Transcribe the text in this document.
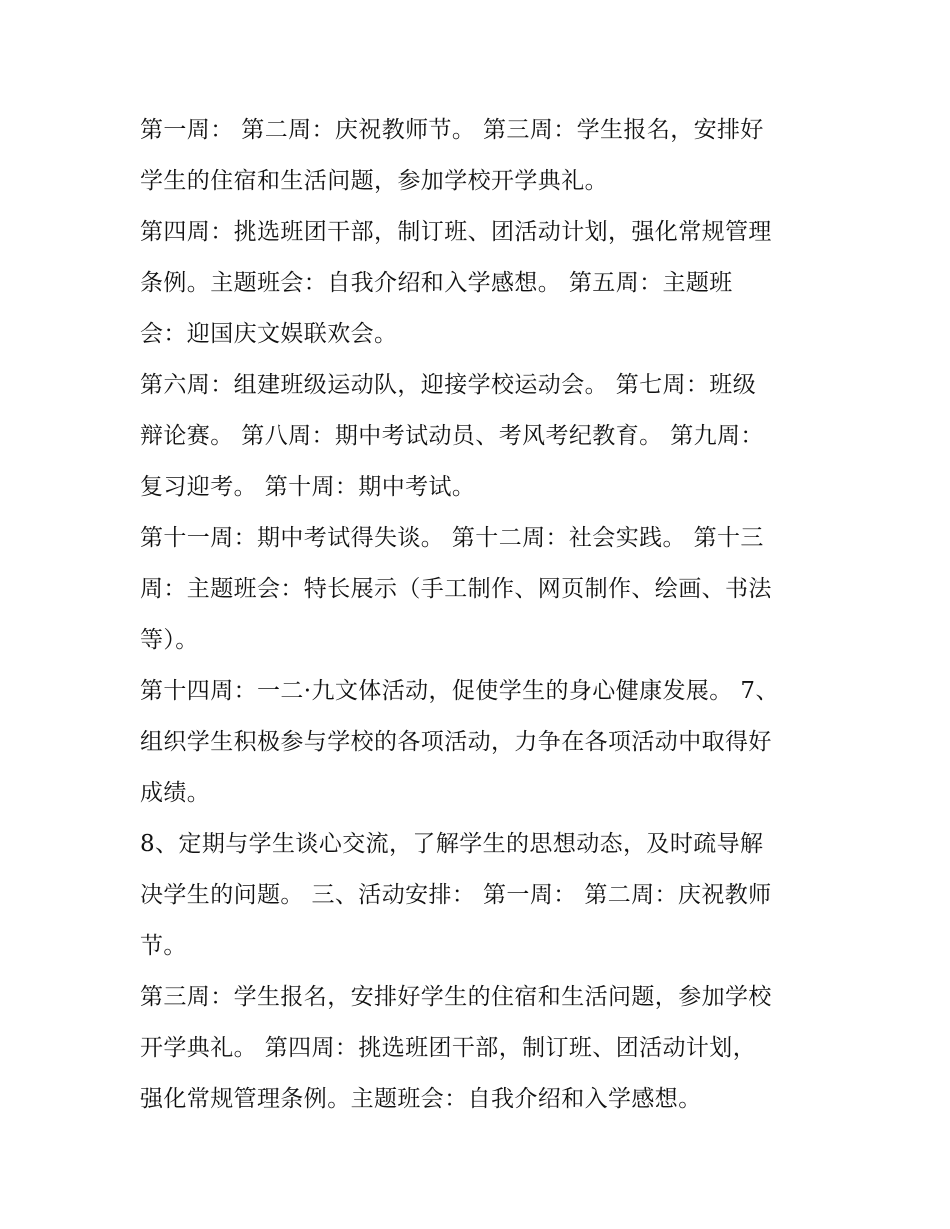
第一周： 第二周：庆祝教师节。 第三周：学生报名，安排好
学生的住宿和生活问题，参加学校开学典礼。
第四周：挑选班团干部，制订班、团活动计划，强化常规管理
条例。主题班会：自我介绍和入学感想。 第五周：主题班
会：迎国庆文娱联欢会。
第六周：组建班级运动队，迎接学校运动会。 第七周：班级
辩论赛。 第八周：期中考试动员、考风考纪教育。 第九周：
复习迎考。 第十周：期中考试。
第十一周：期中考试得失谈。 第十二周：社会实践。 第十三
周：主题班会：特长展示（手工制作、网页制作、绘画、书法
等）。
第十四周：一二·九文体活动，促使学生的身心健康发展。 7、
组织学生积极参与学校的各项活动，力争在各项活动中取得好
成绩。
8、定期与学生谈心交流，了解学生的思想动态，及时疏导解
决学生的问题。 三、活动安排： 第一周： 第二周：庆祝教师
节。
第三周：学生报名，安排好学生的住宿和生活问题，参加学校
开学典礼。 第四周：挑选班团干部，制订班、团活动计划，
强化常规管理条例。主题班会：自我介绍和入学感想。
